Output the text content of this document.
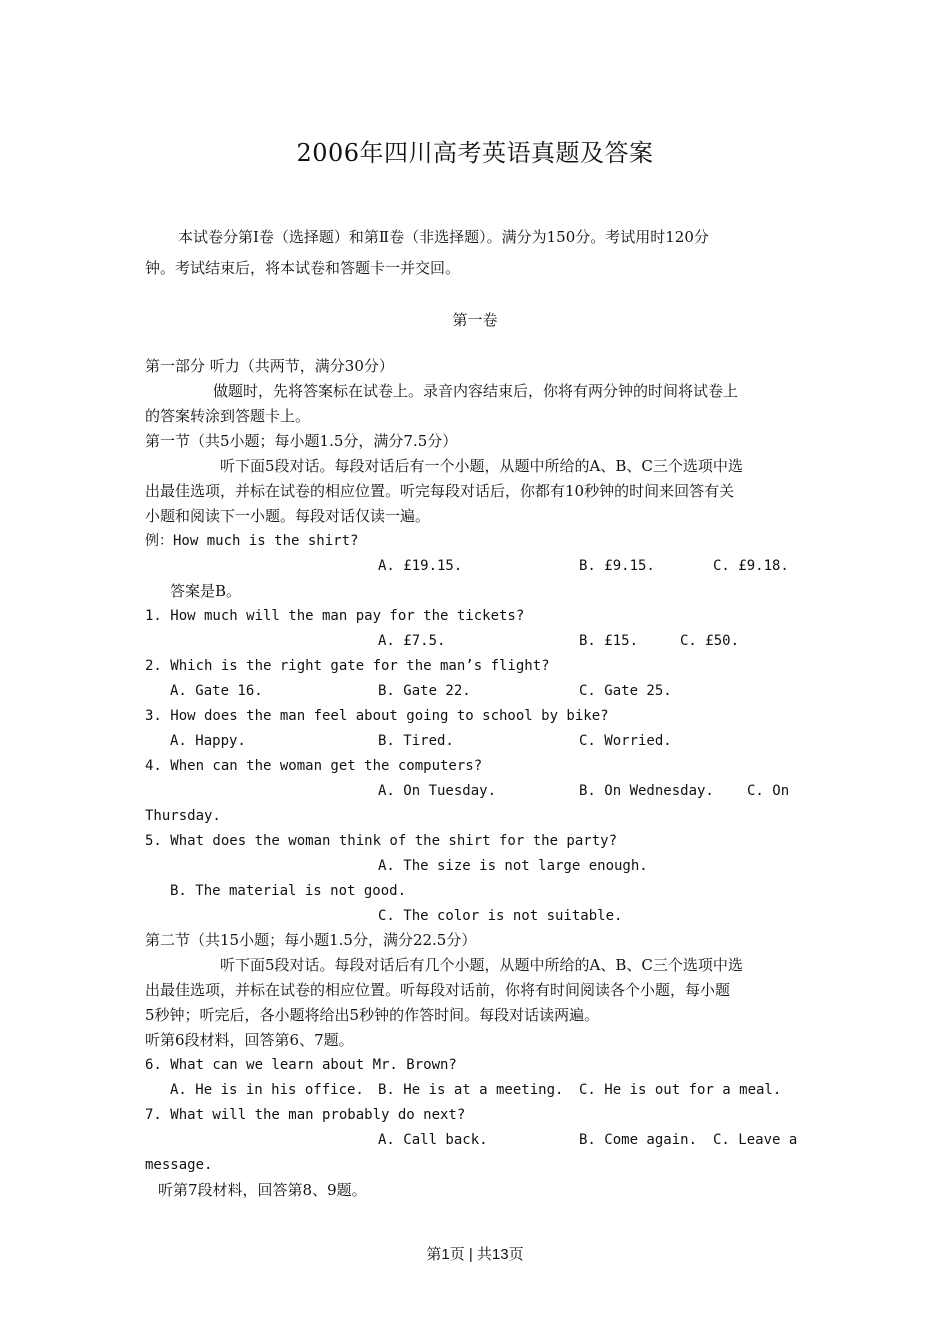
2006年四川高考英语真题及答案
本试卷分第Ⅰ卷（选择题）和第Ⅱ卷（非选择题）。满分为150分。考试用时120分
钟。考试结束后，将本试卷和答题卡一并交回。
第一卷
第一部分 听力（共两节，满分30分）
做题时，先将答案标在试卷上。录音内容结束后，你将有两分钟的时间将试卷上
的答案转涂到答题卡上。
第一节（共5小题；每小题1.5分，满分7.5分）
听下面5段对话。每段对话后有一个小题，从题中所给的A、B、C三个选项中选
出最佳选项，并标在试卷的相应位置。听完每段对话后，你都有10秒钟的时间来回答有关
小题和阅读下一小题。每段对话仅读一遍。
例：How much is the shirt?
A. £19.15.	B. £9.15.	C. £9.18.
答案是B。
1. How much will the man pay for the tickets?
A. £7.5.	B. £15.	C. £50.
2. Which is the right gate for the man’s flight?
A. Gate 16.	B. Gate 22.	C. Gate 25.
3. How does the man feel about going to school by bike?
A. Happy.	B. Tired.	C. Worried.
4. When can the woman get the computers?
A. On Tuesday.	B. On Wednesday. C. On
Thursday.
5. What does the woman think of the shirt for the party?
A. The size is not large enough.
B. The material is not good.
C. The color is not suitable.
第二节（共15小题；每小题1.5分，满分22.5分）
听下面5段对话。每段对话后有几个小题，从题中所给的A、B、C三个选项中选
出最佳选项，并标在试卷的相应位置。听每段对话前，你将有时间阅读各个小题，每小题
5秒钟；听完后，各小题将给出5秒钟的作答时间。每段对话读两遍。
听第6段材料，回答第6、7题。
6. What can we learn about Mr. Brown?
A. He is in his office. B. He is at a meeting. C. He is out for a meal.
7. What will the man probably do next?
A. Call back.	B. Come again. C. Leave a
message.
听第7段材料，回答第8、9题。
第1页 | 共13页
